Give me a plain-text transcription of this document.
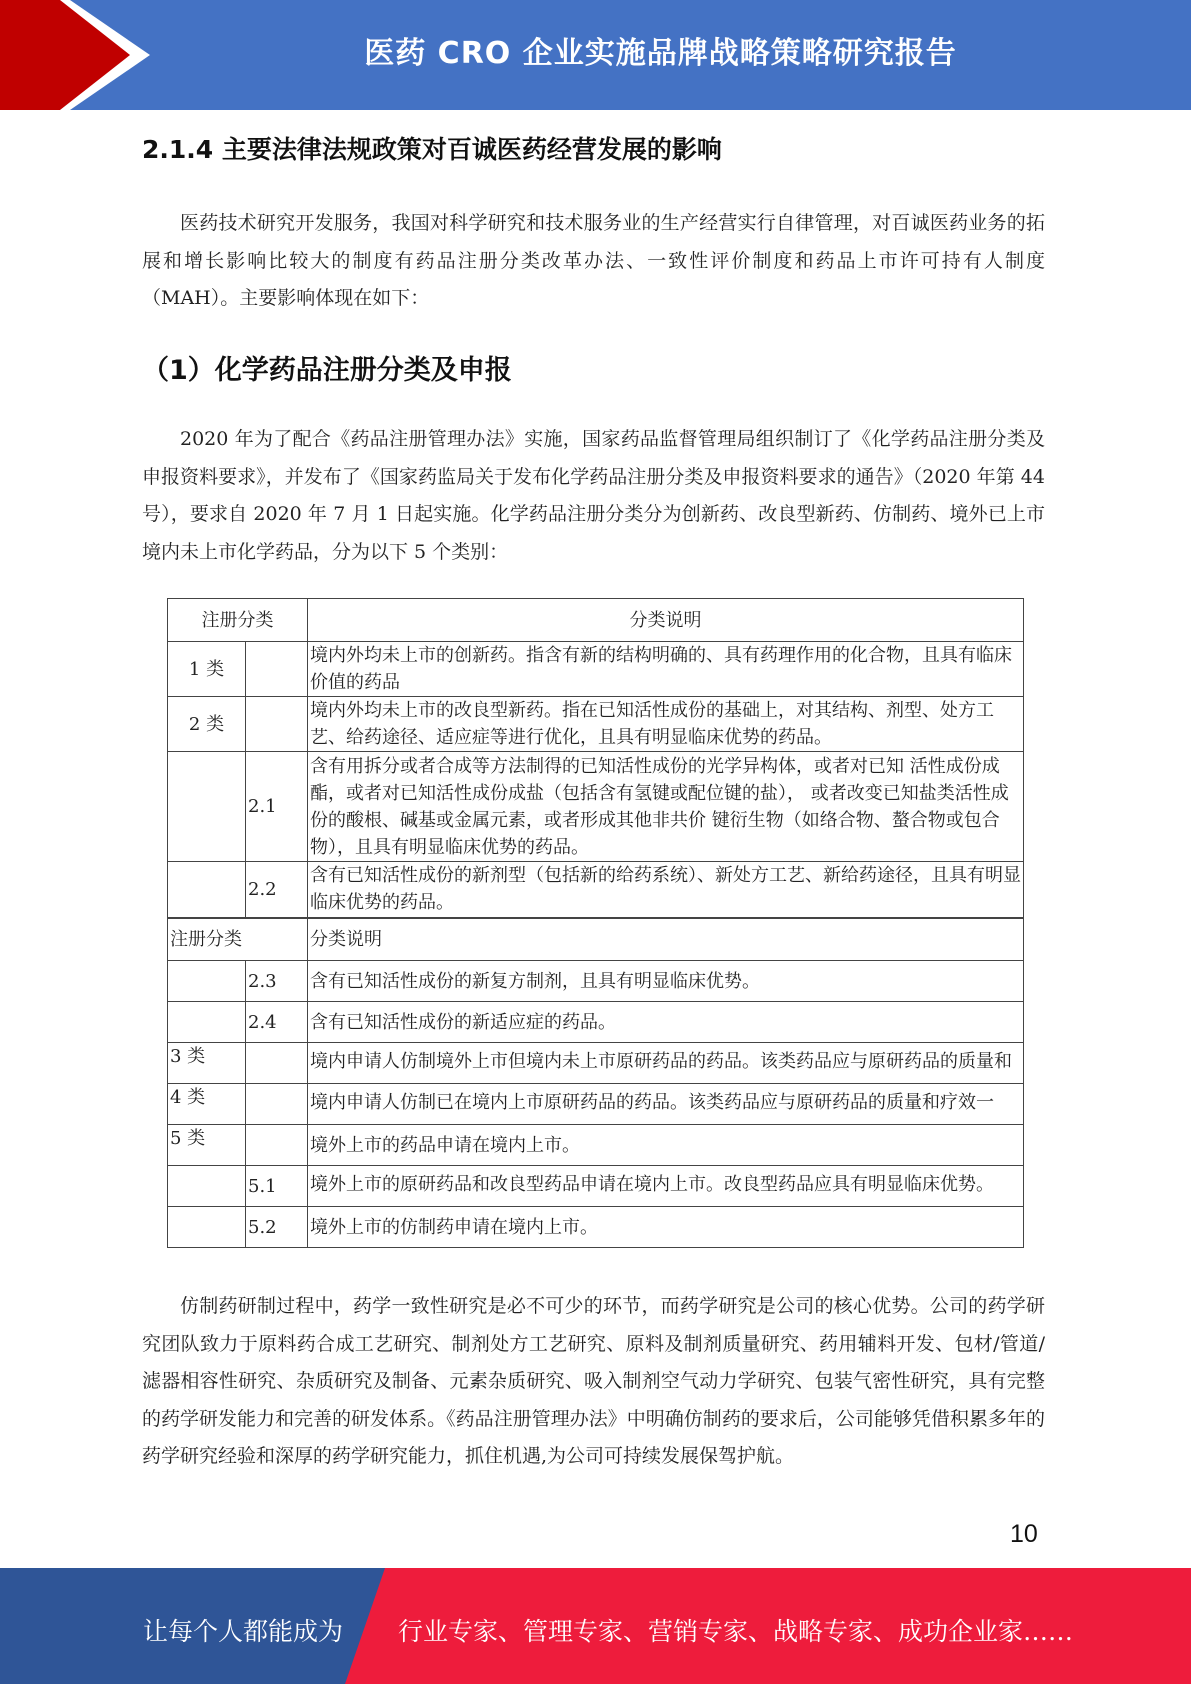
医药 CRO 企业实施品牌战略策略研究报告
2.1.4 主要法律法规政策对百诚医药经营发展的影响
医药技术研究开发服务，我国对科学研究和技术服务业的生产经营实行自律管理，对百诚医药业务的拓展和增长影响比较大的制度有药品注册分类改革办法、一致性评价制度和药品上市许可持有人制度（MAH）。主要影响体现在如下：
（1）化学药品注册分类及申报
2020 年为了配合《药品注册管理办法》实施，国家药品监督管理局组织制订了《化学药品注册分类及申报资料要求》，并发布了《国家药监局关于发布化学药品注册分类及申报资料要求的通告》（2020 年第 44 号），要求自 2020 年 7 月 1 日起实施。化学药品注册分类分为创新药、改良型新药、仿制药、境外已上市境内未上市化学药品，分为以下 5 个类别：
注册分类		分类说明
1 类		境内外均未上市的创新药。指含有新的结构明确的、具有药理作用的化合物，且具有临床价值的药品
2 类		境内外均未上市的改良型新药。指在已知活性成份的基础上，对其结构、剂型、处方工艺、给药途径、适应症等进行优化，且具有明显临床优势的药品。
	2.1	含有用拆分或者合成等方法制得的已知活性成份的光学异构体，或者对已知 活性成份成酯，或者对已知活性成份成盐（包括含有氢键或配位键的盐）， 或者改变已知盐类活性成份的酸根、碱基或金属元素，或者形成其他非共价 键衍生物（如络合物、螯合物或包合物），且具有明显临床优势的药品。
	2.2	含有已知活性成份的新剂型（包括新的给药系统）、新处方工艺、新给药途径，且具有明显临床优势的药品。
注册分类		分类说明
	2.3	含有已知活性成份的新复方制剂，且具有明显临床优势。
	2.4	含有已知活性成份的新适应症的药品。
3 类		境内申请人仿制境外上市但境内未上市原研药品的药品。该类药品应与原研药品的质量和

4 类		境内申请人仿制已在境内上市原研药品的药品。该类药品应与原研药品的质量和疗效一

5 类		境外上市的药品申请在境内上市。
	5.1	境外上市的原研药品和改良型药品申请在境内上市。改良型药品应具有明显临床优势。

	5.2	境外上市的仿制药申请在境内上市。
仿制药研制过程中，药学一致性研究是必不可少的环节，而药学研究是公司的核心优势。公司的药学研究团队致力于原料药合成工艺研究、制剂处方工艺研究、原料及制剂质量研究、药用辅料开发、包材/管道/滤器相容性研究、杂质研究及制备、元素杂质研究、吸入制剂空气动力学研究、包装气密性研究，具有完整的药学研发能力和完善的研发体系。《药品注册管理办法》中明确仿制药的要求后，公司能够凭借积累多年的药学研究经验和深厚的药学研究能力，抓住机遇,为公司可持续发展保驾护航。
10
让每个人都能成为 行业专家、管理专家、营销专家、战略专家、成功企业家……
